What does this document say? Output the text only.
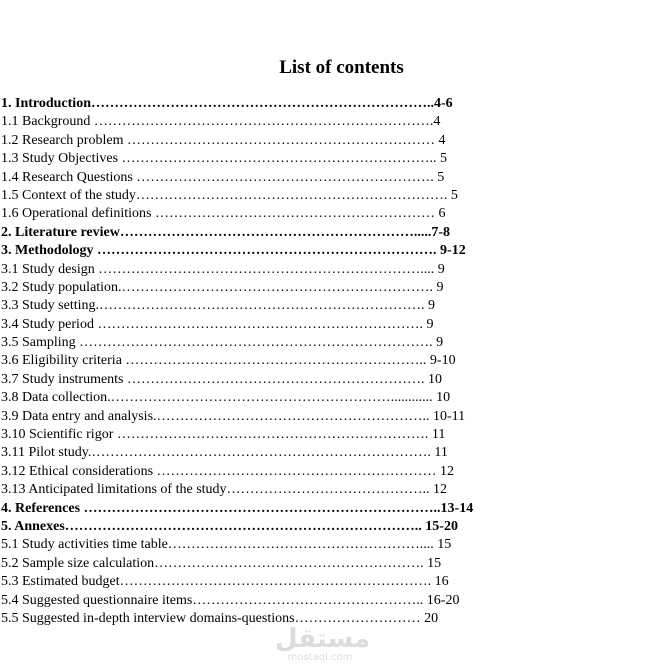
List of contents
1. Introduction………………………………………………………………..4-6
1.1 Background ……………………………………………………………….4
1.2 Research problem ………………………………………………………… 4
1.3 Study Objectives ………………………………………………………….. 5
1.4 Research Questions ………………………………………………………. 5
1.5 Context of the study…………………………………………………………. 5
1.6 Operational definitions …………………………………………………… 6
2. Literature review……………………………………………………….....7-8
3. Methodology ………………………………………………………………. 9-12
3.1 Study design …………………………………………………………….... 9
3.2 Study population.…………………………………………………………. 9
3.3 Study setting.……………………………………………………………. 9
3.4 Study period ……………………………………………………………. 9
3.5 Sampling …………………………………………………………………. 9
3.6 Eligibility criteria ……………………………………………………….. 9-10
3.7 Study instruments ………………………………………………………. 10
3.8 Data collection.……………………………………………………............ 10
3.9 Data entry and analysis.………………………………………………….. 10-11
3.10 Scientific rigor …………………………………………………………. 11
3.11 Pilot study.………………………………………………………………. 11
3.12 Ethical considerations …………………………………………………… 12
3.13 Anticipated limitations of the study…………………………………….. 12
4. References …………………………………………………………………..13-14
5. Annexes………………………………………………………………….. 15-20
5.1 Study activities time table……………………………………………….... 15
5.2 Sample size calculation…………………………………………………. 15
5.3 Estimated budget…………………………………………………………. 16
5.4 Suggested questionnaire items………………………………………….. 16-20
5.5 Suggested in-depth interview domains-questions……………………… 20
مستقل
mostaql.com
